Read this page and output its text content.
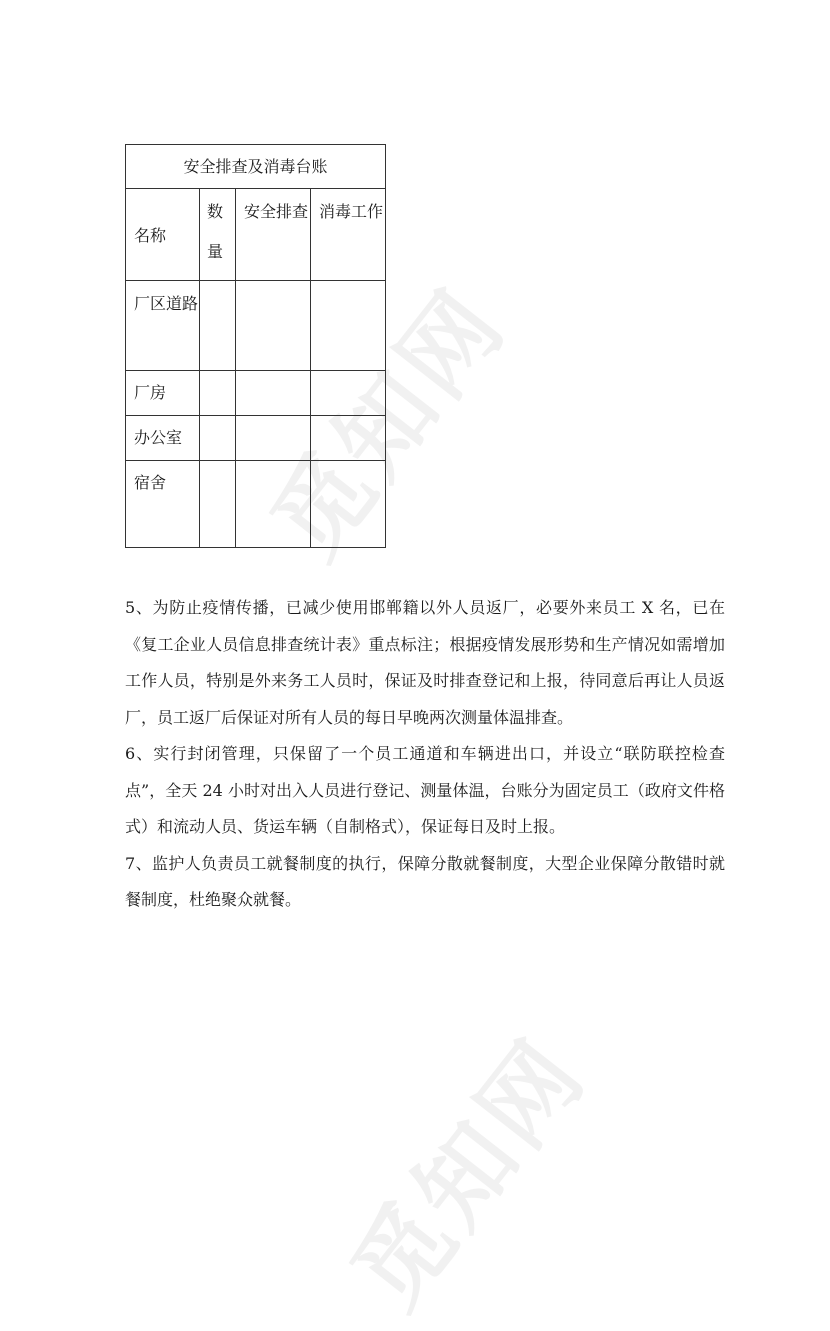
觅知网
觅知网
安全排查及消毒台账			
名称	数量	安全排查	消毒工作
厂区道路			
厂房			
办公室			
宿舍			

5、为防止疫情传播，已减少使用邯郸籍以外人员返厂，必要外来员工 X 名，已在《复工企业人员信息排查统计表》重点标注；根据疫情发展形势和生产情况如需增加工作人员，特别是外来务工人员时，保证及时排查登记和上报，待同意后再让人员返厂，员工返厂后保证对所有人员的每日早晚两次测量体温排查。

6、实行封闭管理，只保留了一个员工通道和车辆进出口，并设立“联防联控检查点”，全天 24 小时对出入人员进行登记、测量体温，台账分为固定员工（政府文件格式）和流动人员、货运车辆（自制格式），保证每日及时上报。

7、监护人负责员工就餐制度的执行，保障分散就餐制度，大型企业保障分散错时就餐制度，杜绝聚众就餐。
